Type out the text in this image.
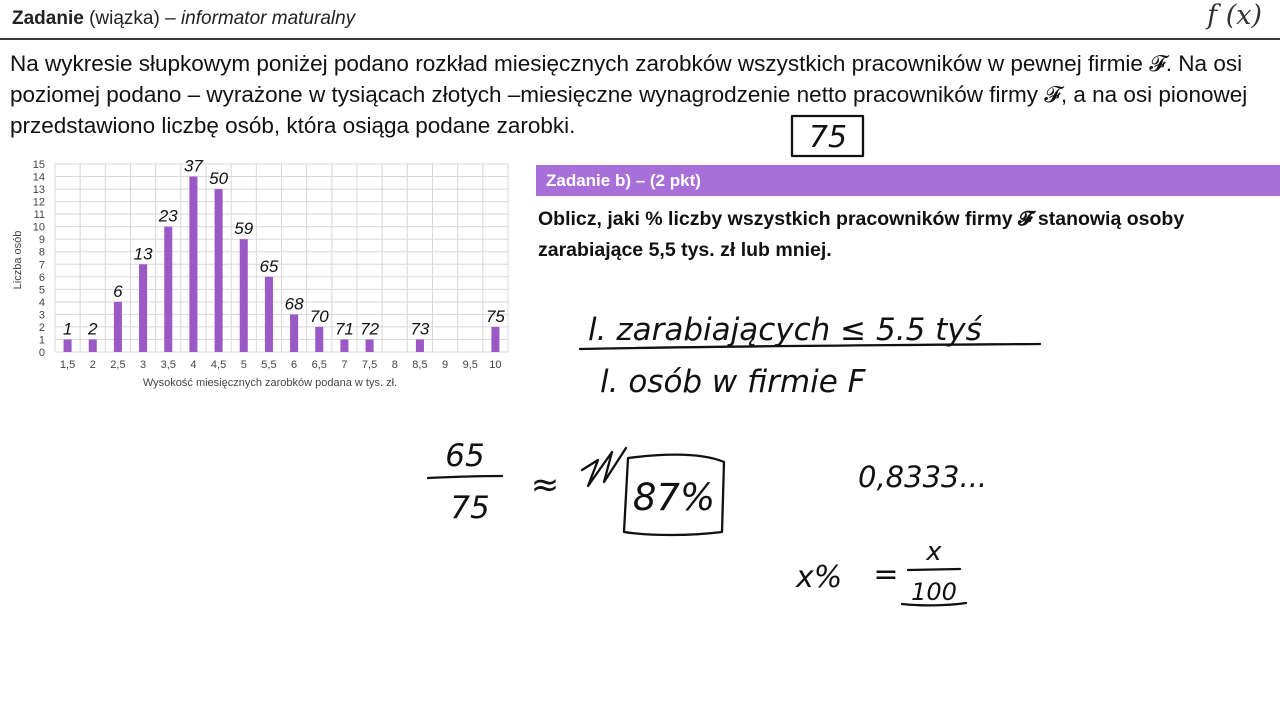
Zadanie (wiązka) – informator maturalny	f (x)
Na wykresie słupkowym poniżej podano rozkład miesięcznych zarobków wszystkich pracowników w pewnej firmie 𝓕. Na osi poziomej podano – wyrażone w tysiącach złotych –miesięczne wynagrodzenie netto pracowników firmy 𝓕, a na osi pionowej przedstawiono liczbę osób, która osiąga podane zarobki.
Zadanie b) – (2 pkt)
Oblicz, jaki % liczby wszystkich pracowników firmy 𝓕 stanowią osoby zarabiające 5,5 tys. zł lub mniej.
0
1
2
3
4
5
6
7
8
9
10
11
12
13
14
15
1,5 2 2,5 3 3,5 4 4,5 5 5,5 6 6,5 7 7,5 8 8,5 9 9,5 10
1 2
6
13
23
37
50
59
65
68
70
71 72 73
75
Liczba osób
Wysokość miesięcznych zarobków podana w tys. zł.
75
l. zarabiających ≤ 5.5 tyś
l. osób w firmie F
65
75
≈ 87%	0,8333...
x% =
x
100
